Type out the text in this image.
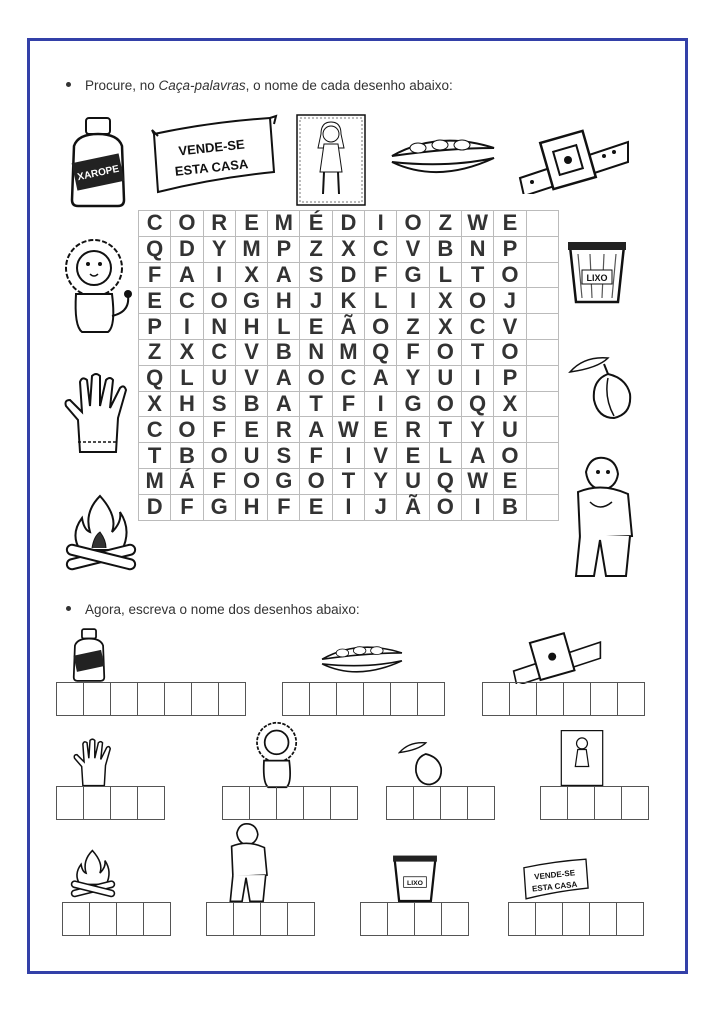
Procure, no Caça-palavras, o nome de cada desenho abaixo:
XAROPE
VENDE-SE
ESTA CASA
C O R E M É D I O Z W E
Q D Y M P Z X C V B N P
F A I X A S D F G L T O
E C O G H J K L	I X O J
P I N H L E Ã O Z X C V
Z X C V B N M Q F O T O
Q L U V A O C A Y U I P
X H S B A T F	I G O Q X
C O F E R A W E R T Y U
T B O U S F	I V E L A O
M Á F O G O T Y U Q W E
D F G H F E I	J Ã O I B
LIXO
Agora, escreva o nome dos desenhos abaixo:
LIXO
VENDE-SE
ESTA CASA
